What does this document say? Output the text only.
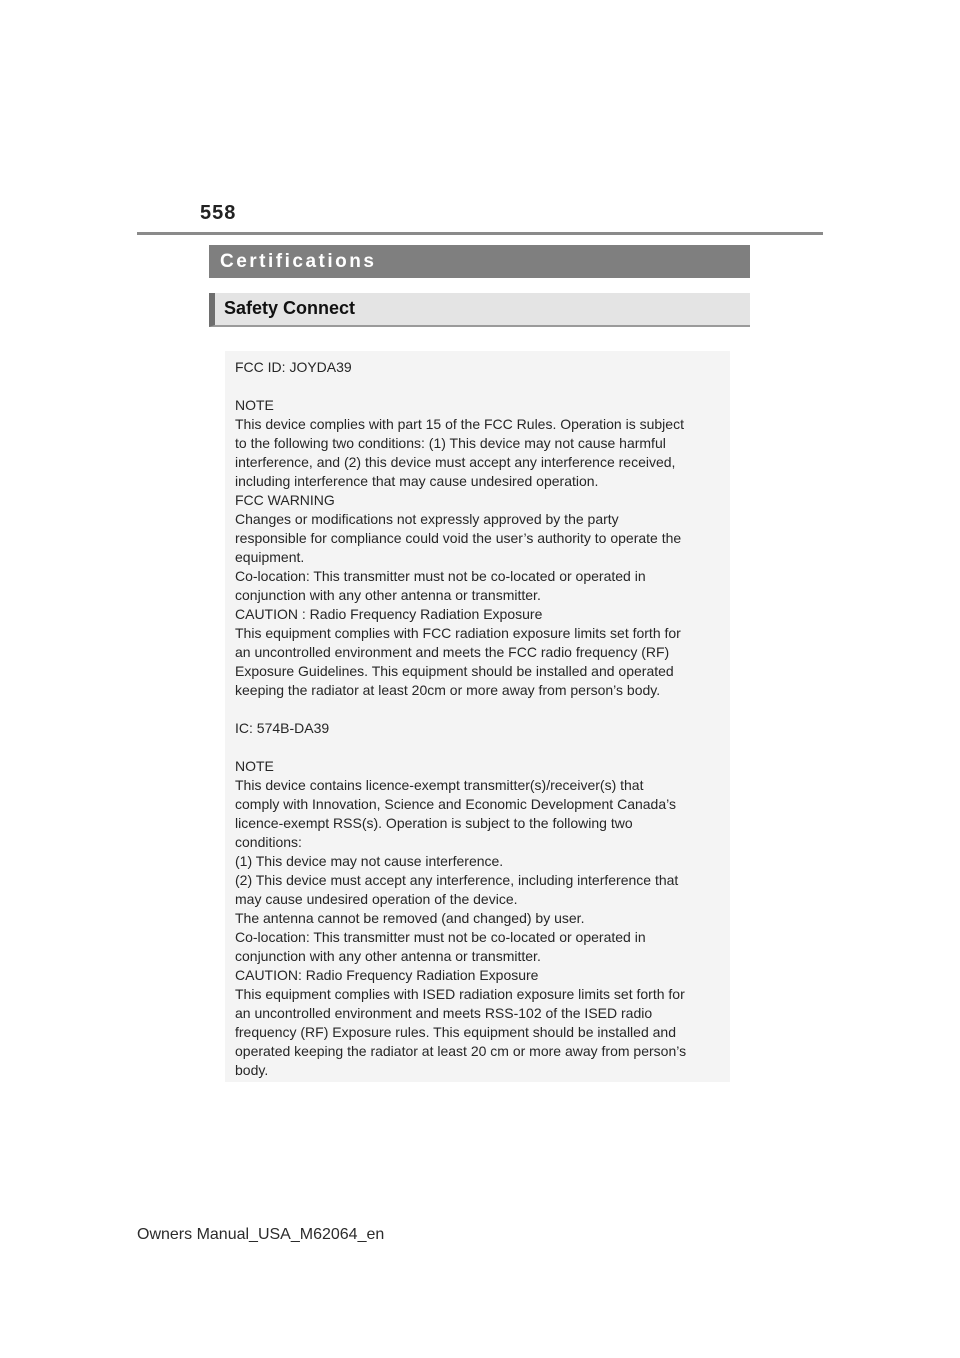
558
Certifications
Safety Connect
FCC ID: JOYDA39
NOTE
This device complies with part 15 of the FCC Rules. Operation is subject
to the following two conditions: (1) This device may not cause harmful
interference, and (2) this device must accept any interference received,
including interference that may cause undesired operation.
FCC WARNING
Changes or modifications not expressly approved by the party
responsible for compliance could void the user’s authority to operate the
equipment.
Co-location: This transmitter must not be co-located or operated in
conjunction with any other antenna or transmitter.
CAUTION : Radio Frequency Radiation Exposure
This equipment complies with FCC radiation exposure limits set forth for
an uncontrolled environment and meets the FCC radio frequency (RF)
Exposure Guidelines. This equipment should be installed and operated
keeping the radiator at least 20cm or more away from person’s body.
IC: 574B-DA39
NOTE
This device contains licence-exempt transmitter(s)/receiver(s) that
comply with Innovation, Science and Economic Development Canada’s
licence-exempt RSS(s). Operation is subject to the following two
conditions:
(1) This device may not cause interference.
(2) This device must accept any interference, including interference that
may cause undesired operation of the device.
The antenna cannot be removed (and changed) by user.
Co-location: This transmitter must not be co-located or operated in
conjunction with any other antenna or transmitter.
CAUTION: Radio Frequency Radiation Exposure
This equipment complies with ISED radiation exposure limits set forth for
an uncontrolled environment and meets RSS-102 of the ISED radio
frequency (RF) Exposure rules. This equipment should be installed and
operated keeping the radiator at least 20 cm or more away from person’s
body.
Owners Manual_USA_M62064_en
